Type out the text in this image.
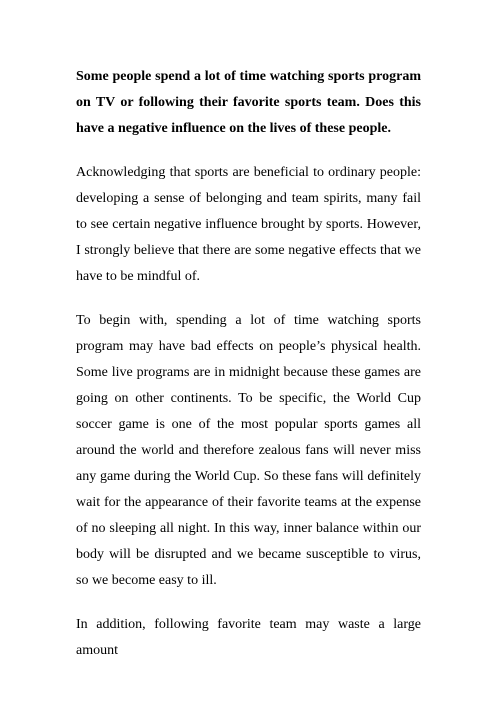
Some people spend a lot of time watching sports program on TV or following their favorite sports team. Does this have a negative influence on the lives of these people.

Acknowledging that sports are beneficial to ordinary people: developing a sense of belonging and team spirits, many fail to see certain negative influence brought by sports. However, I strongly believe that there are some negative effects that we have to be mindful of.

To begin with, spending a lot of time watching sports program may have bad effects on people’s physical health. Some live programs are in midnight because these games are going on other continents. To be specific, the World Cup soccer game is one of the most popular sports games all around the world and therefore zealous fans will never miss any game during the World Cup. So these fans will definitely wait for the appearance of their favorite teams at the expense of no sleeping all night. In this way, inner balance within our body will be disrupted and we became susceptible to virus, so we become easy to ill.

In addition, following favorite team may waste a large amount
